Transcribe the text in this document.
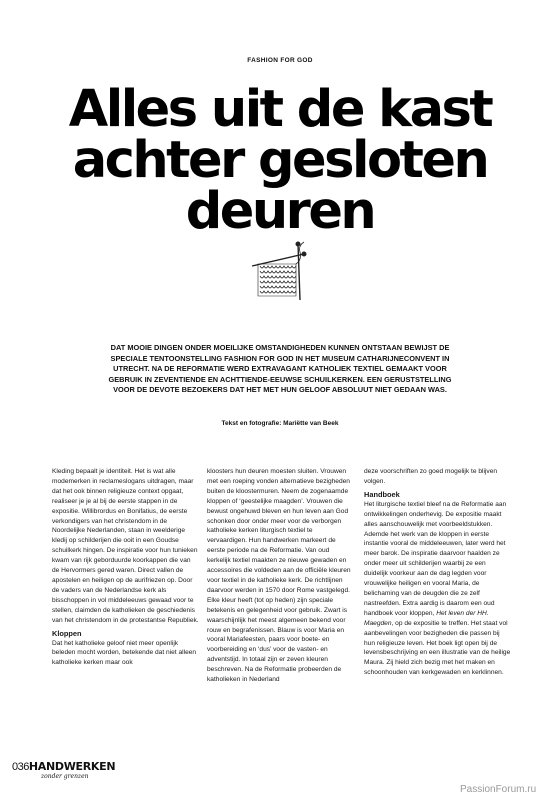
FASHION FOR GOD
Alles uit de kast
achter gesloten
deuren
DAT MOOIE DINGEN ONDER MOEILIJKE OMSTANDIGHEDEN KUNNEN ONTSTAAN BEWIJST DE SPECIALE TENTOONSTELLING FASHION FOR GOD IN HET MUSEUM CATHARIJNECONVENT IN UTRECHT. NA DE REFORMATIE WERD EXTRAVAGANT KATHOLIEK TEXTIEL GEMAAKT VOOR GEBRUIK IN ZEVENTIENDE EN ACHTTIENDE-EEUWSE SCHUILKERKEN. EEN GERUSTSTELLING VOOR DE DEVOTE BEZOEKERS DAT HET MET HUN GELOOF ABSOLUUT NIET GEDAAN WAS.
Tekst en fotografie: Mariëtte van Beek

Kleding bepaalt je identiteit. Het is wat alle modemerken in reclameslogans uitdragen, maar dat het ook binnen religieuze context opgaat, realiseer je je al bij de eerste stappen in de expositie. Willibrordus en Bonifatius, de eerste verkondigers van het christendom in de Noordelijke Nederlanden, staan in weelderige kledij op schilderijen die ooit in een Goudse schuilkerk hingen. De inspiratie voor hun tunieken kwam van rijk geborduurde koorkappen die van de Hervormers gered waren. Direct vallen de apostelen en heiligen op de aurifriezen op. Door de vaders van de Nederlandse kerk als bisschoppen in vol middeleeuws gewaad voor te stellen, claimden de katholieken de geschiedenis van het christendom in de protestantse Republiek.

Kloppen

Dat het katholieke geloof niet meer openlijk beleden mocht worden, betekende dat niet alleen katholieke kerken maar ook

kloosters hun deuren moesten sluiten. Vrouwen met een roeping vonden alternatieve bezigheden buiten de kloostermuren. Neem de zogenaamde kloppen of ‘geestelijke maagden’. Vrouwen die bewust ongehuwd bleven en hun leven aan God schonken door onder meer voor de verborgen katholieke kerken liturgisch textiel te vervaardigen. Hun handwerken markeert de eerste periode na de Reformatie. Van oud kerkelijk textiel maakten ze nieuwe gewaden en accessoires die voldeden aan de officiële kleuren voor textiel in de katholieke kerk. De richtlijnen daarvoor werden in 1570 door Rome vastgelegd. Elke kleur heeft (tot op heden) zijn speciale betekenis en gelegenheid voor gebruik. Zwart is waarschijnlijk het meest algemeen bekend voor rouw en begrafenissen. Blauw is voor Maria en vooral Mariafeesten, paars voor boete- en voorbereiding en ‘dus’ voor de vasten- en adventstijd. In totaal zijn er zeven kleuren beschreven. Na de Reformatie probeerden de katholieken in Nederland

deze voorschriften zo goed mogelijk te blijven volgen.

Handboek

Het liturgische textiel bleef na de Reformatie aan ontwikkelingen onderhevig. De expositie maakt alles aanschouwelijk met voorbeeldstukken. Ademde het werk van de kloppen in eerste instantie vooral de middeleeuwen, later werd het meer barok. De inspiratie daarvoor haalden ze onder meer uit schilderijen waarbij ze een duidelijk voorkeur aan de dag legden voor vrouwelijke heiligen en vooral Maria, de belichaming van de deugden die ze zelf nastreefden. Extra aardig is daarom een oud handboek voor kloppen, Het leven der HH. Maegden, op de expositie te treffen. Het staat vol aanbevelingen voor bezigheden die passen bij hun religieuze leven. Het boek ligt open bij de levensbeschrijving en een illustratie van de heilige Maura. Zij hield zich bezig met het maken en schoonhouden van kerkgewaden en kerklinnen.

036HANDWERKEN
zonder grenzen
PassionForum.ru
